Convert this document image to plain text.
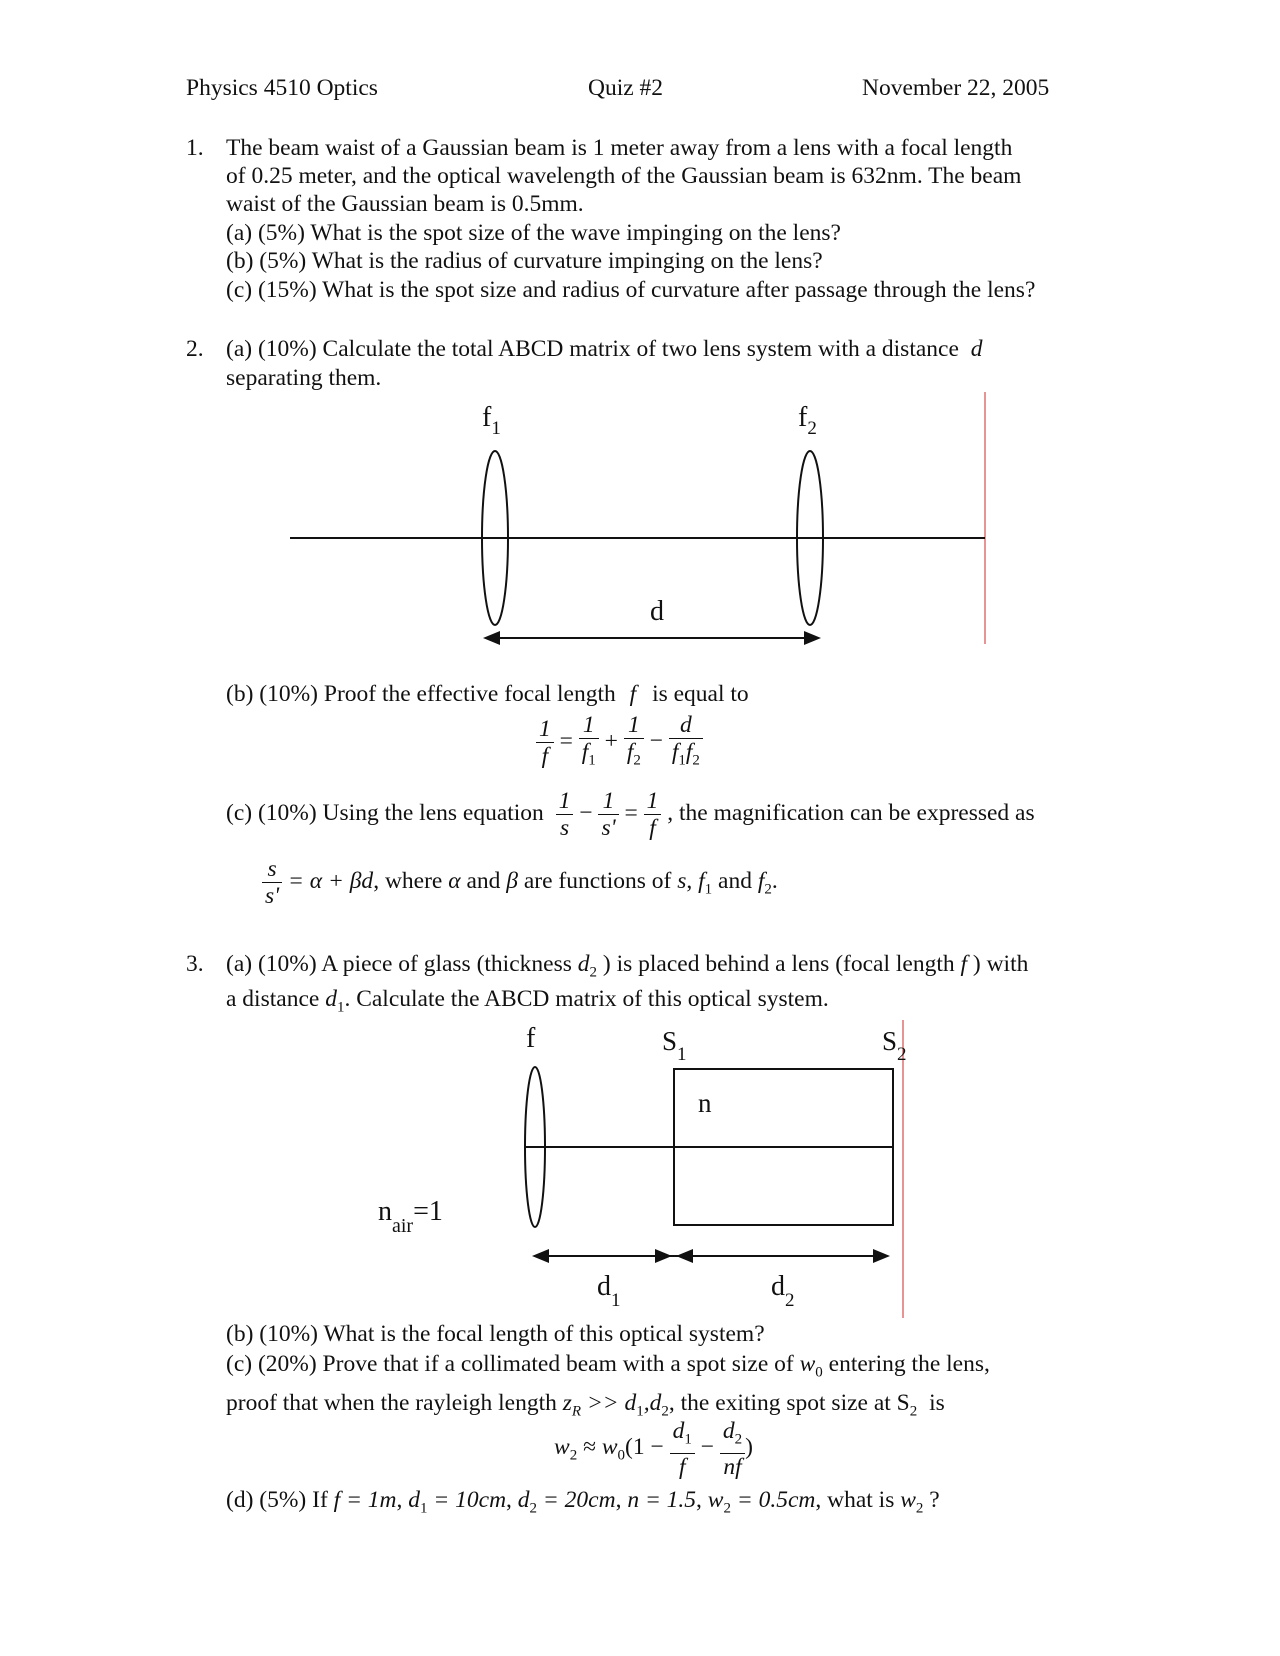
Physics 4510 Optics	Quiz #2	November 22, 2005
1. The beam waist of a Gaussian beam is 1 meter away from a lens with a focal length
of 0.25 meter, and the optical wavelength of the Gaussian beam is 632nm. The beam
waist of the Gaussian beam is 0.5mm.
(a) (5%) What is the spot size of the wave impinging on the lens?
(b) (5%) What is the radius of curvature impinging on the lens?
(c) (15%) What is the spot size and radius of curvature after passage through the lens?
2. (a) (10%) Calculate the total ABCD matrix of two lens system with a distance d
separating them.
$f_1$	$f_2$
d
(b) (10%) Proof the effective focal length f is equal to
$\frac{1}{f} = \frac{1}{f_1} + \frac{1}{f_2} - \frac{d}{f_1f_2}$
(c) (10%) Using the lens equation $\frac{1}{s} - \frac{1}{s'} = \frac{1}{f}$ , the magnification can be expressed as
$\frac{s}{s'} = \alpha + \beta d$, where α and β are functions of s, $f_1$ and $f_2$.
3. (a) (10%) A piece of glass (thickness $d_2$ ) is placed behind a lens (focal length f ) with
a distance $d_1$. Calculate the ABCD matrix of this optical system.
f	$S_1$	$S_2$
n
$n_{air}=1$
$d_1$	$d_2$
(b) (10%) What is the focal length of this optical system?
(c) (20%) Prove that if a collimated beam with a spot size of $w_0$ entering the lens,
proof that when the rayleigh length $z_R >> d_1,d_2$, the exiting spot size at $S_2$ is
$w_2 \approx w_0(1 - \frac{d_1}{f} - \frac{d_2}{nf}$ )
(d) (5%) If f = 1m, $d_1 = 10cm$, $d_2 = 20cm$, n = 1.5, $w_2 = 0.5cm$, what is $w_2$ ?
